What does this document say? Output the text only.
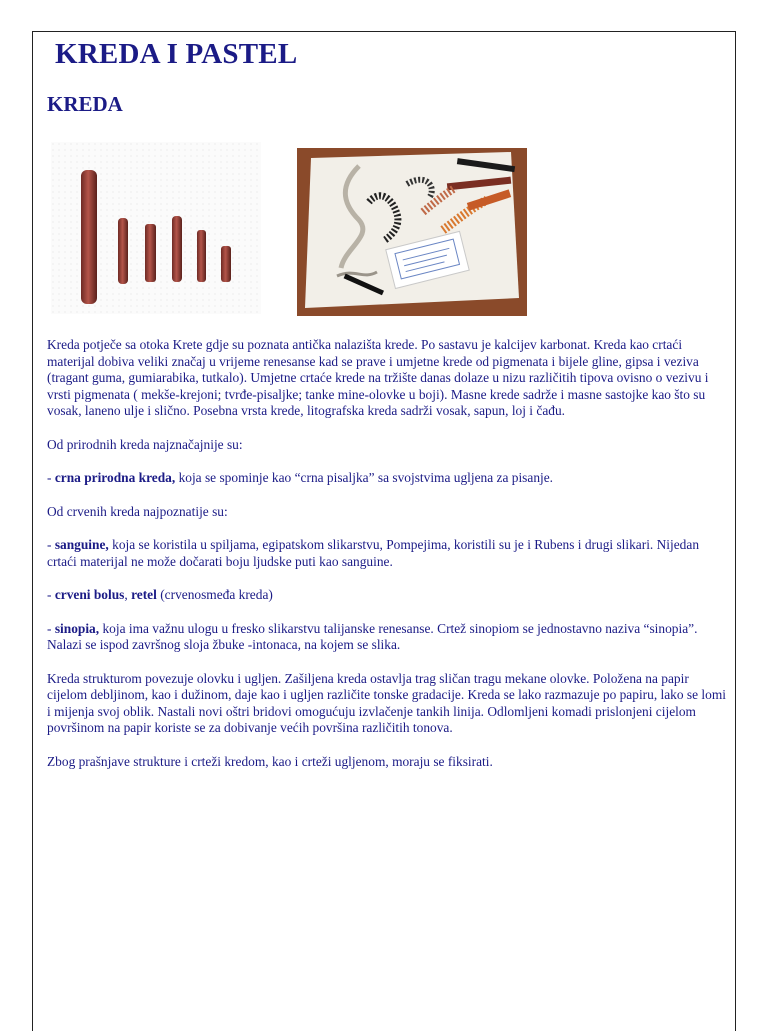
KREDA I PASTEL
KREDA

Kreda potječe sa otoka Krete gdje su poznata antička nalazišta krede. Po sastavu je kalcijev karbonat. Kreda kao crtaći materijal dobiva veliki značaj u vrijeme renesanse kad se prave i umjetne krede od pigmenata i bijele gline, gipsa i veziva (tragant guma, gumiarabika, tutkalo). Umjetne crtaće krede na tržište danas dolaze u nizu različitih tipova ovisno o vezivu i vrsti pigmenata ( mekše-krejoni; tvrđe-pisaljke; tanke mine-olovke u boji). Masne krede sadrže i masne sastojke kao što su vosak, laneno ulje i slično. Posebna vrsta krede, litografska kreda sadrži vosak, sapun, loj i čađu.

Od prirodnih kreda najznačajnije su:

- crna prirodna kreda, koja se spominje kao “crna pisaljka” sa svojstvima ugljena za pisanje.

Od crvenih kreda najpoznatije su:

- sanguine, koja se koristila u spiljama, egipatskom slikarstvu, Pompejima, koristili su je i Rubens i drugi slikari. Nijedan crtaći materijal ne može dočarati boju ljudske puti kao sanguine.

- crveni bolus, retel (crvenosmeđa kreda)

- sinopia, koja ima važnu ulogu u fresko slikarstvu talijanske renesanse. Crtež sinopiom se jednostavno naziva “sinopia”. Nalazi se ispod završnog sloja žbuke -intonaca, na kojem se slika.

Kreda strukturom povezuje olovku i ugljen. Zašiljena kreda ostavlja trag sličan tragu mekane olovke. Položena na papir cijelom debljinom, kao i dužinom, daje kao i ugljen različite tonske gradacije. Kreda se lako razmazuje po papiru, lako se lomi i mijenja svoj oblik. Nastali novi oštri bridovi omogućuju izvlačenje tankih linija. Odlomljeni komadi prislonjeni cijelom površinom na papir koriste se za dobivanje većih površina različitih tonova.

Zbog prašnjave strukture i crteži kredom, kao i crteži ugljenom, moraju se fiksirati.
